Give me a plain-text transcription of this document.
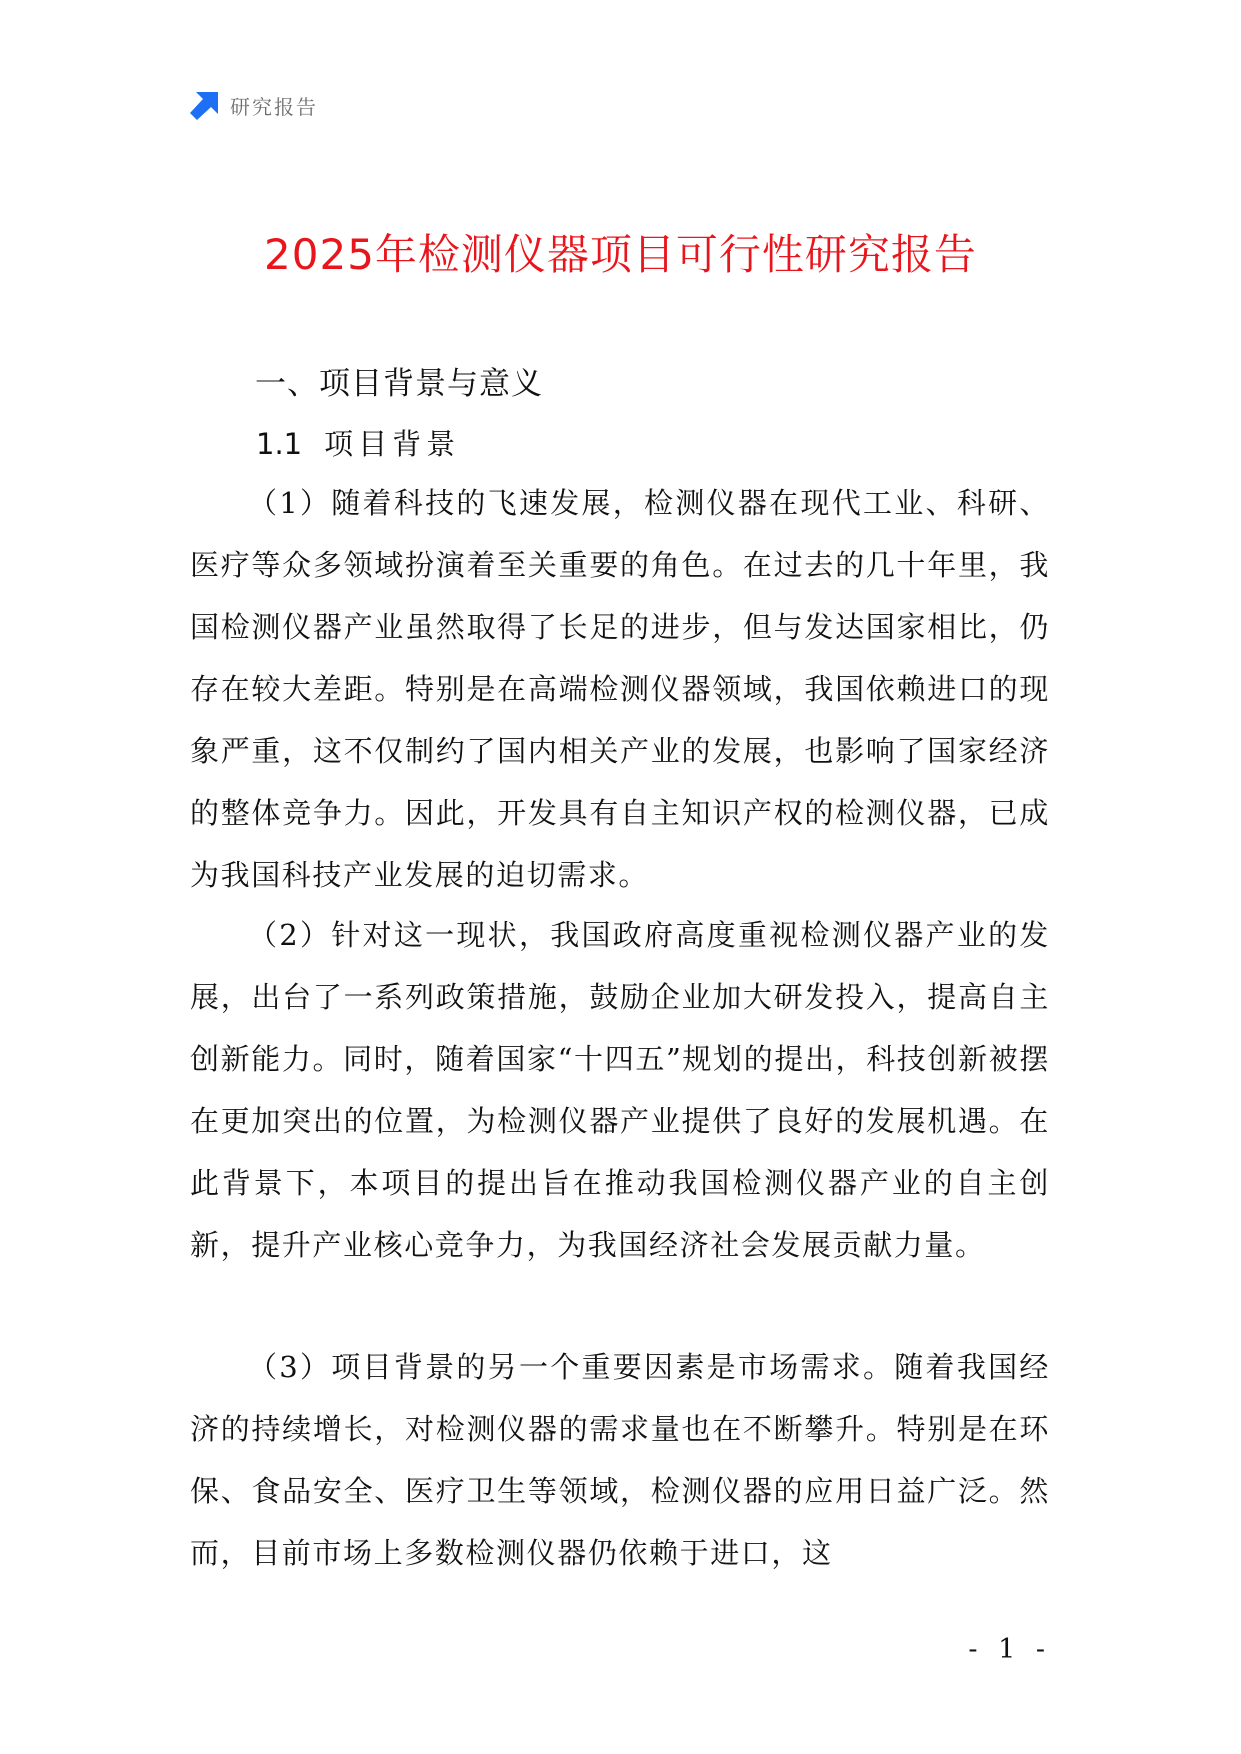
研究报告
2025年检测仪器项目可行性研究报告
一、项目背景与意义
1.1 项目背景

（1）随着科技的飞速发展，检测仪器在现代工业、科研、医疗等众多领域扮演着至关重要的角色。在过去的几十年里，我国检测仪器产业虽然取得了长足的进步，但与发达国家相比，仍存在较大差距。特别是在高端检测仪器领域，我国依赖进口的现象严重，这不仅制约了国内相关产业的发展，也影响了国家经济的整体竞争力。因此，开发具有自主知识产权的检测仪器，已成为我国科技产业发展的迫切需求。

（2）针对这一现状，我国政府高度重视检测仪器产业的发展，出台了一系列政策措施，鼓励企业加大研发投入，提高自主创新能力。同时，随着国家“十四五”规划的提出，科技创新被摆在更加突出的位置，为检测仪器产业提供了良好的发展机遇。在此背景下，本项目的提出旨在推动我国检测仪器产业的自主创新，提升产业核心竞争力，为我国经济社会发展贡献力量。

（3）项目背景的另一个重要因素是市场需求。随着我国经济的持续增长，对检测仪器的需求量也在不断攀升。特别是在环保、食品安全、医疗卫生等领域，检测仪器的应用日益广泛。然而，目前市场上多数检测仪器仍依赖于进口，这

- 1 -
